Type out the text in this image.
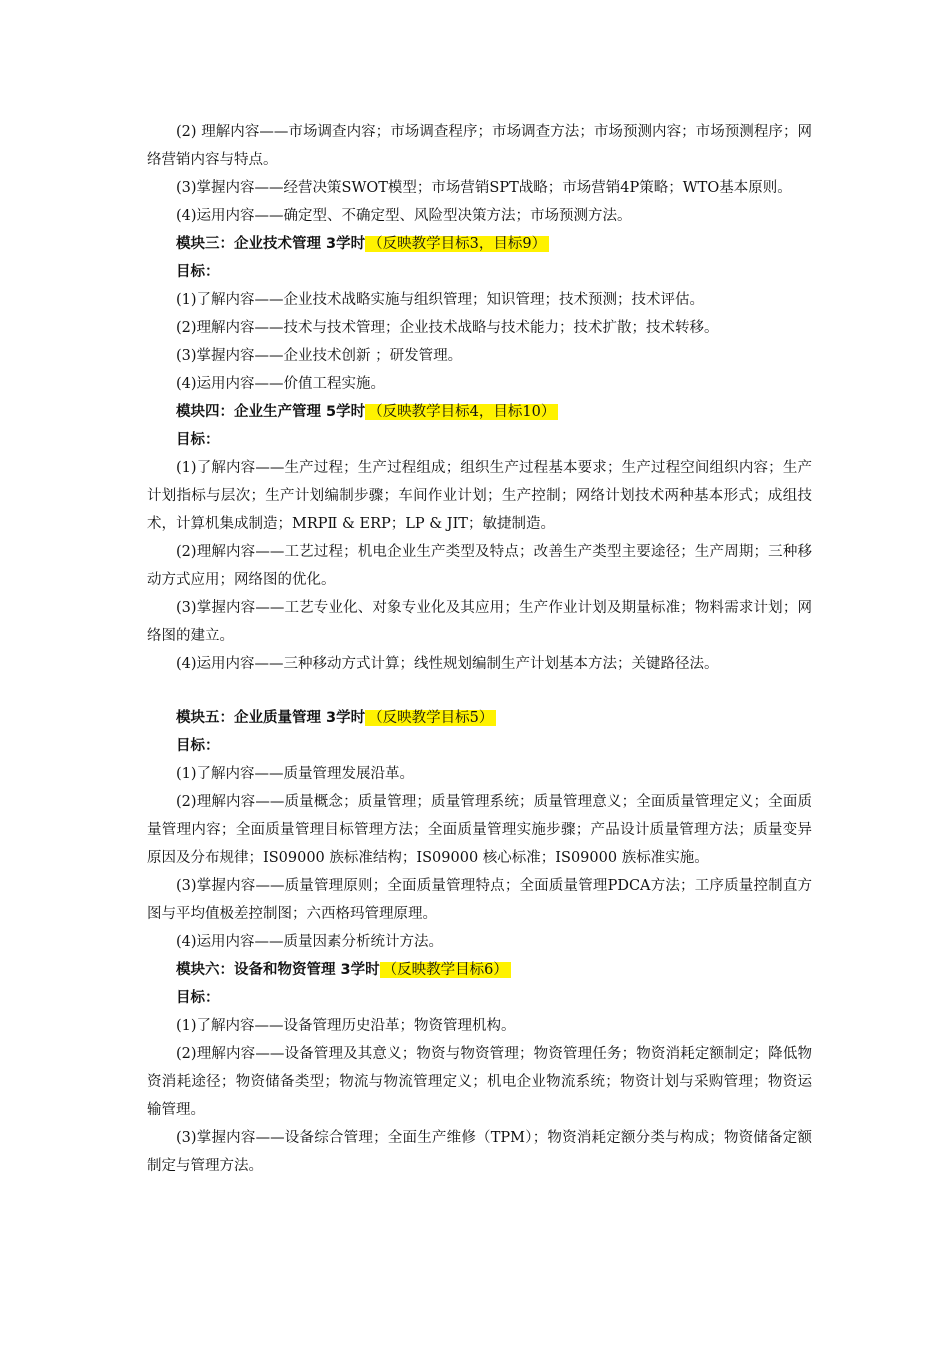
(2) 理解内容——市场调查内容；市场调查程序；市场调查方法；市场预测内容；市场预测程序；网络营销内容与特点。

(3)掌握内容——经营决策SWOT模型；市场营销SPT战略；市场营销4P策略；WTO基本原则。

(4)运用内容——确定型、不确定型、风险型决策方法；市场预测方法。

模块三：企业技术管理 3学时 （反映教学目标3，目标9）

目标：

(1)了解内容——企业技术战略实施与组织管理；知识管理；技术预测；技术评估。

(2)理解内容——技术与技术管理；企业技术战略与技术能力；技术扩散；技术转移。

(3)掌握内容——企业技术创新 ；研发管理。

(4)运用内容——价值工程实施。

模块四：企业生产管理 5学时 （反映教学目标4，目标10）

目标：

(1)了解内容——生产过程；生产过程组成；组织生产过程基本要求；生产过程空间组织内容；生产计划指标与层次；生产计划编制步骤；车间作业计划；生产控制；网络计划技术两种基本形式；成组技术，计算机集成制造；MRPⅡ & ERP；LP & JIT；敏捷制造。

(2)理解内容——工艺过程；机电企业生产类型及特点；改善生产类型主要途径；生产周期；三种移动方式应用；网络图的优化。

(3)掌握内容——工艺专业化、对象专业化及其应用；生产作业计划及期量标准；物料需求计划；网络图的建立。

(4)运用内容——三种移动方式计算；线性规划编制生产计划基本方法；关键路径法。

模块五：企业质量管理 3学时 （反映教学目标5）

目标：

(1)了解内容——质量管理发展沿革。

(2)理解内容——质量概念；质量管理；质量管理系统；质量管理意义；全面质量管理定义；全面质量管理内容；全面质量管理目标管理方法；全面质量管理实施步骤；产品设计质量管理方法；质量变异原因及分布规律；IS09000 族标准结构；IS09000 核心标准；IS09000 族标准实施。

(3)掌握内容——质量管理原则；全面质量管理特点；全面质量管理PDCA方法；工序质量控制直方图与平均值极差控制图；六西格玛管理原理。

(4)运用内容——质量因素分析统计方法。

模块六：设备和物资管理 3学时 （反映教学目标6）

目标：

(1)了解内容——设备管理历史沿革；物资管理机构。

(2)理解内容——设备管理及其意义；物资与物资管理；物资管理任务；物资消耗定额制定；降低物资消耗途径；物资储备类型；物流与物流管理定义；机电企业物流系统；物资计划与采购管理；物资运输管理。

(3)掌握内容——设备综合管理；全面生产维修（TPM）；物资消耗定额分类与构成；物资储备定额制定与管理方法。
